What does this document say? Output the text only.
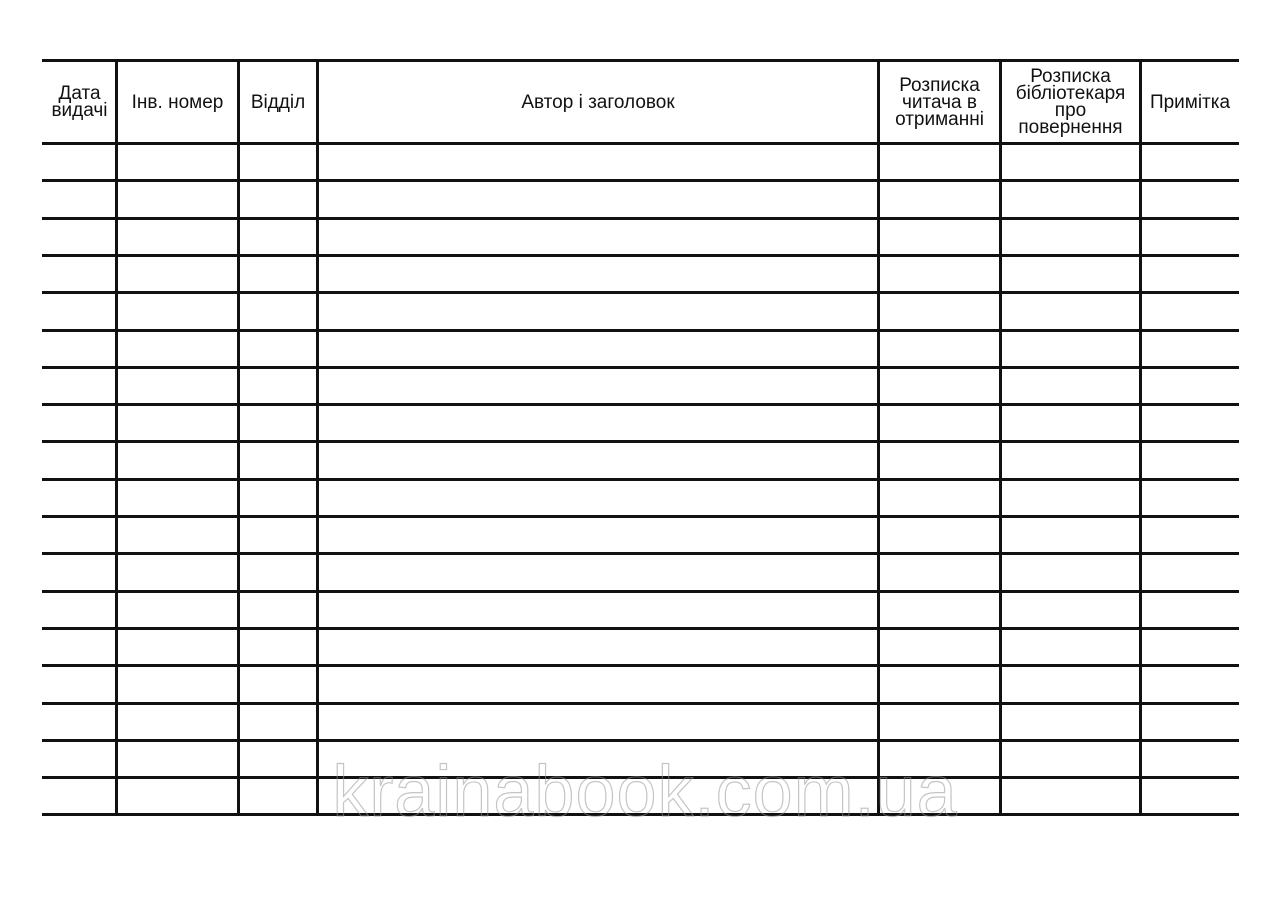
Дата
видачі Інв. номер Відділ	Автор і заголовок
Розписка
читача в
отриманні
Розписка
бібліотекаря
про
повернення
Примітка
krainabook.com.ua
